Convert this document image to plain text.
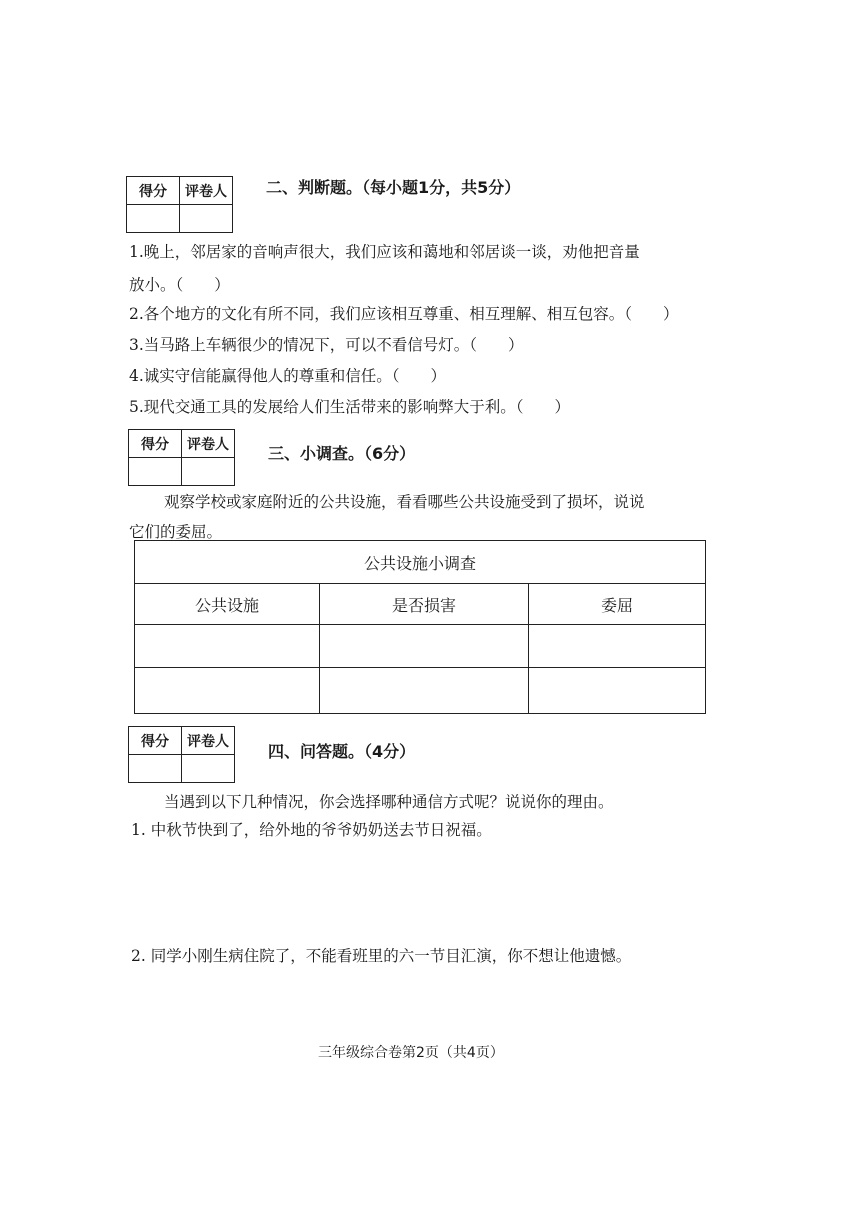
得分	评卷人
	二、判断题。（每小题1分，共5分）
1.晚上，邻居家的音响声很大，我们应该和蔼地和邻居谈一谈，劝他把音量
放小。（　　）
2.各个地方的文化有所不同，我们应该相互尊重、相互理解、相互包容。（　　）
3.当马路上车辆很少的情况下，可以不看信号灯。（　　）
4.诚实守信能赢得他人的尊重和信任。（　　）
5.现代交通工具的发展给人们生活带来的影响弊大于利。（　　）
得分	评卷人
	三、小调查。（6分）
观察学校或家庭附近的公共设施，看看哪些公共设施受到了损坏，说说
它们的委屈。
公共设施小调查		
公共设施	是否损害	委屈

得分	评卷人

四、问答题。（4分）
当遇到以下几种情况，你会选择哪种通信方式呢？说说你的理由。
1. 中秋节快到了，给外地的爷爷奶奶送去节日祝福。
2. 同学小刚生病住院了，不能看班里的六一节目汇演，你不想让他遗憾。
三年级综合卷第2页（共4页）
